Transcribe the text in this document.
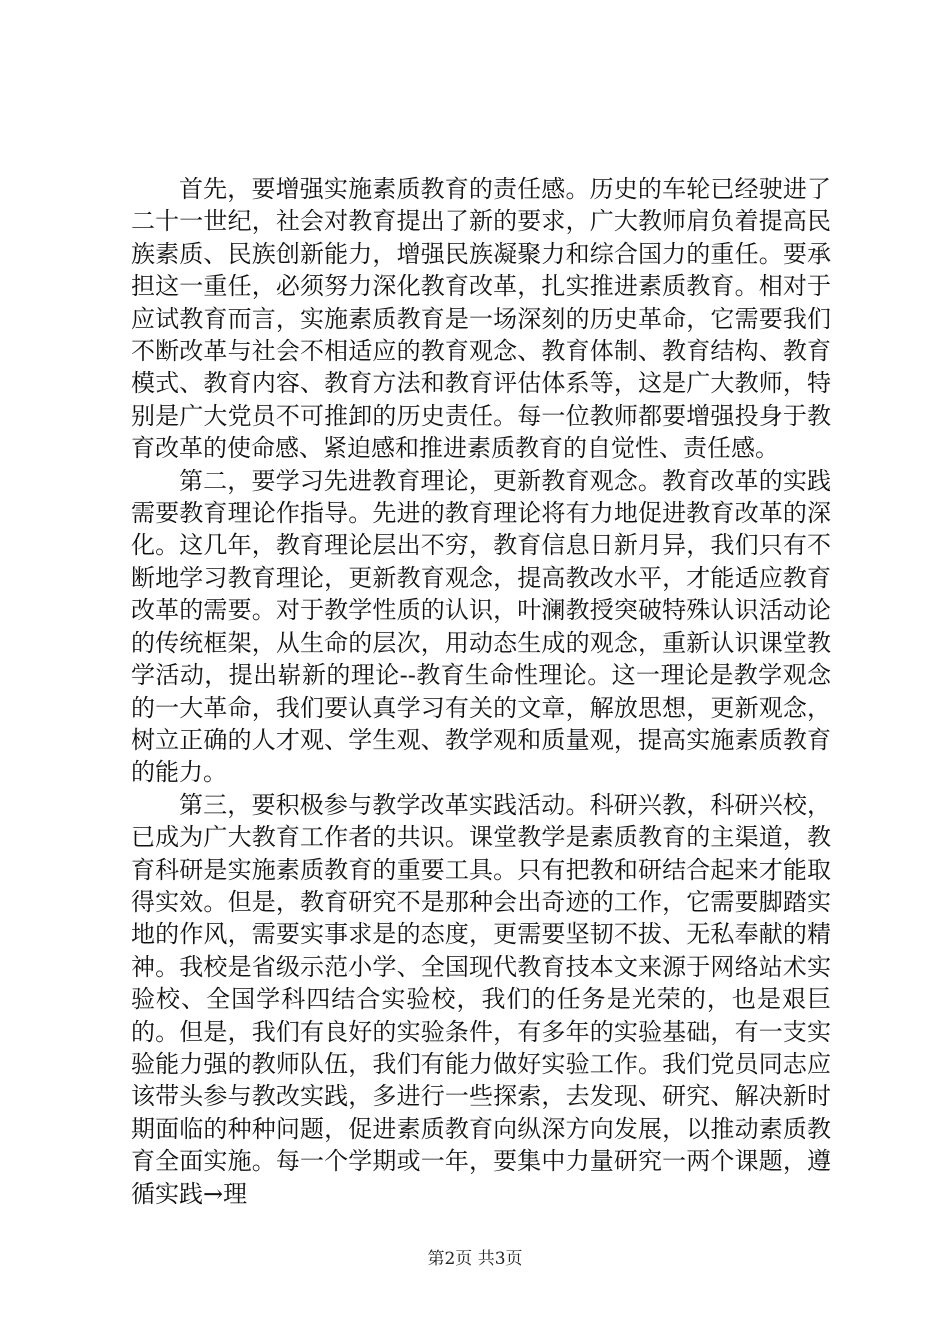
首先，要增强实施素质教育的责任感。历史的车轮已经驶进了二十一世纪，社会对教育提出了新的要求，广大教师肩负着提高民族素质、民族创新能力，增强民族凝聚力和综合国力的重任。要承担这一重任，必须努力深化教育改革，扎实推进素质教育。相对于应试教育而言，实施素质教育是一场深刻的历史革命，它需要我们不断改革与社会不相适应的教育观念、教育体制、教育结构、教育模式、教育内容、教育方法和教育评估体系等，这是广大教师，特别是广大党员不可推卸的历史责任。每一位教师都要增强投身于教育改革的使命感、紧迫感和推进素质教育的自觉性、责任感。

第二，要学习先进教育理论，更新教育观念。教育改革的实践需要教育理论作指导。先进的教育理论将有力地促进教育改革的深化。这几年，教育理论层出不穷，教育信息日新月异，我们只有不断地学习教育理论，更新教育观念，提高教改水平，才能适应教育改革的需要。对于教学性质的认识，叶澜教授突破特殊认识活动论的传统框架，从生命的层次，用动态生成的观念，重新认识课堂教学活动，提出崭新的理论--教育生命性理论。这一理论是教学观念的一大革命，我们要认真学习有关的文章，解放思想，更新观念，树立正确的人才观、学生观、教学观和质量观，提高实施素质教育的能力。

第三，要积极参与教学改革实践活动。科研兴教，科研兴校，已成为广大教育工作者的共识。课堂教学是素质教育的主渠道，教育科研是实施素质教育的重要工具。只有把教和研结合起来才能取得实效。但是，教育研究不是那种会出奇迹的工作，它需要脚踏实地的作风，需要实事求是的态度，更需要坚韧不拔、无私奉献的精神。我校是省级示范小学、全国现代教育技本文来源于网络站术实验校、全国学科四结合实验校，我们的任务是光荣的，也是艰巨的。但是，我们有良好的实验条件，有多年的实验基础，有一支实验能力强的教师队伍，我们有能力做好实验工作。我们党员同志应该带头参与教改实践，多进行一些探索，去发现、研究、解决新时期面临的种种问题，促进素质教育向纵深方向发展，以推动素质教育全面实施。每一个学期或一年，要集中力量研究一两个课题，遵循实践→理

第2页 共3页
